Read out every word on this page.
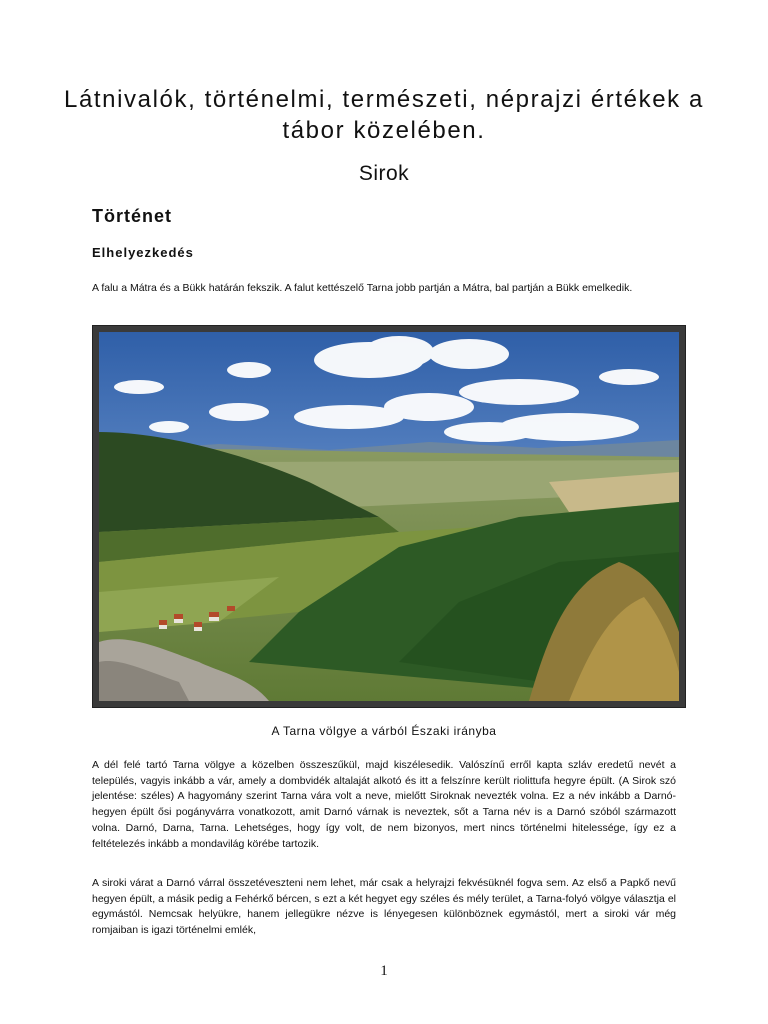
Látnivalók, történelmi, természeti, néprajzi értékek a tábor közelében.

Sirok

Történet
Elhelyezkedés

A falu a Mátra és a Bükk határán fekszik. A falut kettészelő Tarna jobb partján a Mátra, bal partján a Bükk emelkedik.

A Tarna völgye a várból Északi irányba

A dél felé tartó Tarna völgye a közelben összeszűkül, majd kiszélesedik. Valószínű erről kapta szláv eredetű nevét a település, vagyis inkább a vár, amely a dombvidék altalaját alkotó és itt a felszínre került riolittufa hegyre épült. (A Sirok szó jelentése: széles) A hagyomány szerint Tarna vára volt a neve, mielőtt Siroknak nevezték volna. Ez a név inkább a Darnó-hegyen épült ősi pogányvárra vonatkozott, amit Darnó várnak is neveztek, sőt a Tarna név is a Darnó szóból származott volna. Darnó, Darna, Tarna. Lehetséges, hogy így volt, de nem bizonyos, mert nincs történelmi hitelessége, így ez a feltételezés inkább a mondavilág körébe tartozik.

A siroki várat a Darnó várral összetéveszteni nem lehet, már csak a helyrajzi fekvésüknél fogva sem. Az első a Papkő nevű hegyen épült, a másik pedig a Fehérkő bércen, s ezt a két hegyet egy széles és mély terület, a Tarna-folyó völgye választja el egymástól. Nemcsak helyükre, hanem jellegükre nézve is lényegesen különböznek egymástól, mert a siroki vár még romjaiban is igazi történelmi emlék,

1
